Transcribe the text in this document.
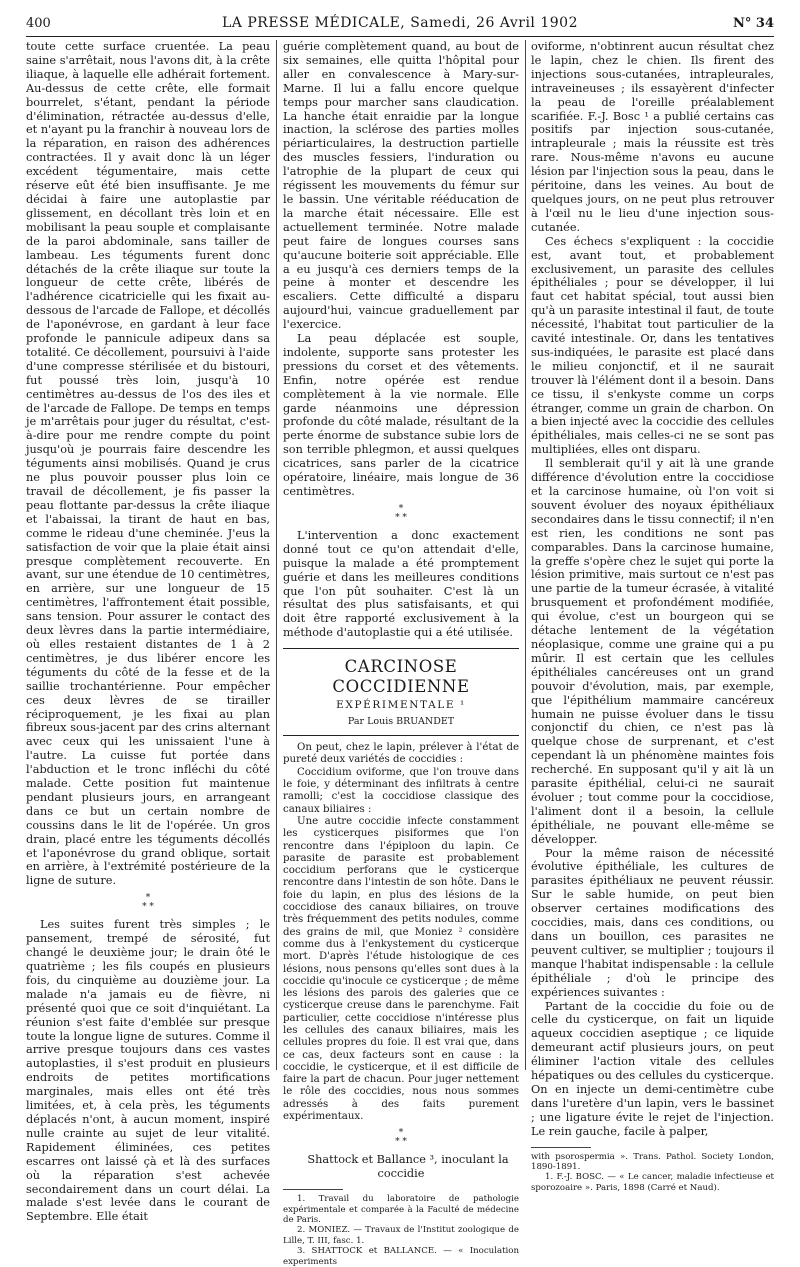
400	LA PRESSE MÉDICALE, Samedi, 26 Avril 1902	N° 34

toute cette surface cruentée. La peau saine s'arrêtait, nous l'avons dit, à la crête iliaque, à laquelle elle adhérait fortement. Au-dessus de cette crête, elle formait bourrelet, s'étant, pendant la période d'élimination, rétractée au-dessus d'elle, et n'ayant pu la franchir à nouveau lors de la réparation, en raison des adhérences contractées. Il y avait donc là un léger excédent tégumentaire, mais cette réserve eût été bien insuffisante. Je me décidai à faire une autoplastie par glissement, en décollant très loin et en mobilisant la peau souple et complaisante de la paroi abdominale, sans tailler de lambeau. Les téguments furent donc détachés de la crête iliaque sur toute la longueur de cette crête, libérés de l'adhérence cicatricielle qui les fixait au-dessous de l'arcade de Fallope, et décollés de l'aponévrose, en gardant à leur face profonde le pannicule adipeux dans sa totalité. Ce décollement, poursuivi à l'aide d'une compresse stérilisée et du bistouri, fut poussé très loin, jusqu'à 10 centimètres au-dessus de l'os des iles et de l'arcade de Fallope. De temps en temps je m'arrêtais pour juger du résultat, c'est-à-dire pour me rendre compte du point jusqu'où je pourrais faire descendre les téguments ainsi mobilisés. Quand je crus ne plus pouvoir pousser plus loin ce travail de décollement, je fis passer la peau flottante par-dessus la crête iliaque et l'abaissai, la tirant de haut en bas, comme le rideau d'une cheminée. J'eus la satisfaction de voir que la plaie était ainsi presque complètement recouverte. En avant, sur une étendue de 10 centimètres, en arrière, sur une longueur de 15 centimètres, l'affrontement était possible, sans tension. Pour assurer le contact des deux lèvres dans la partie intermédiaire, où elles restaient distantes de 1 à 2 centimètres, je dus libérer encore les téguments du côté de la fesse et de la saillie trochantérienne. Pour empêcher ces deux lèvres de se tirailler réciproquement, je les fixai au plan fibreux sous-jacent par des crins alternant avec ceux qui les unissaient l'une à l'autre. La cuisse fut portée dans l'abduction et le tronc infléchi du côté malade. Cette position fut maintenue pendant plusieurs jours, en arrangeant dans ce but un certain nombre de coussins dans le lit de l'opérée. Un gros drain, placé entre les téguments décollés et l'aponévrose du grand oblique, sortait en arrière, à l'extrémité postérieure de la ligne de suture.

*
* *

Les suites furent très simples ; le pansement, trempé de sérosité, fut changé le deuxième jour; le drain ôté le quatrième ; les fils coupés en plusieurs fois, du cinquième au douzième jour. La malade n'a jamais eu de fièvre, ni présenté quoi que ce soit d'inquiétant. La réunion s'est faite d'emblée sur presque toute la longue ligne de sutures. Comme il arrive presque toujours dans ces vastes autoplasties, il s'est produit en plusieurs endroits de petites mortifications marginales, mais elles ont été très limitées, et, à cela près, les téguments déplacés n'ont, à aucun moment, inspiré nulle crainte au sujet de leur vitalité. Rapidement éliminées, ces petites escarres ont laissé çà et là des surfaces où la réparation s'est achevée secondairement dans un court délai. La malade s'est levée dans le courant de Septembre. Elle était

guérie complètement quand, au bout de six semaines, elle quitta l'hôpital pour aller en convalescence à Mary-sur-Marne. Il lui a fallu encore quelque temps pour marcher sans claudication. La hanche était enraidie par la longue inaction, la sclérose des parties molles périarticulaires, la destruction partielle des muscles fessiers, l'induration ou l'atrophie de la plupart de ceux qui régissent les mouvements du fémur sur le bassin. Une véritable rééducation de la marche était nécessaire. Elle est actuellement terminée. Notre malade peut faire de longues courses sans qu'aucune boiterie soit appréciable. Elle a eu jusqu'à ces derniers temps de la peine à monter et descendre les escaliers. Cette difficulté a disparu aujourd'hui, vaincue graduellement par l'exercice.

La peau déplacée est souple, indolente, supporte sans protester les pressions du corset et des vêtements. Enfin, notre opérée est rendue complètement à la vie normale. Elle garde néanmoins une dépression profonde du côté malade, résultant de la perte énorme de substance subie lors de son terrible phlegmon, et aussi quelques cicatrices, sans parler de la cicatrice opératoire, linéaire, mais longue de 36 centimètres.

*
* *

L'intervention a donc exactement donné tout ce qu'on attendait d'elle, puisque la malade a été promptement guérie et dans les meilleures conditions que l'on pût souhaiter. C'est là un résultat des plus satisfaisants, et qui doit être rapporté exclusivement à la méthode d'autoplastie qui a été utilisée.

CARCINOSE COCCIDIENNE
EXPÉRIMENTALE ¹
Par Louis BRUANDET

On peut, chez le lapin, prélever à l'état de pureté deux variétés de coccidies :

Coccidium oviforme, que l'on trouve dans le foie, y déterminant des infiltrats à centre ramolli; c'est la coccidiose classique des canaux biliaires :

Une autre coccidie infecte constamment les cysticerques pisiformes que l'on rencontre dans l'épiploon du lapin. Ce parasite de parasite est probablement coccidium perforans que le cysticerque rencontre dans l'intestin de son hôte. Dans le foie du lapin, en plus des lésions de la coccidiose des canaux biliaires, on trouve très fréquemment des petits nodules, comme des grains de mil, que Moniez ² considère comme dus à l'enkystement du cysticerque mort. D'après l'étude histologique de ces lésions, nous pensons qu'elles sont dues à la coccidie qu'inocule ce cysticerque ; de même les lésions des parois des galeries que ce cysticerque creuse dans le parenchyme. Fait particulier, cette coccidiose n'intéresse plus les cellules des canaux biliaires, mais les cellules propres du foie. Il est vrai que, dans ce cas, deux facteurs sont en cause : la coccidie, le cysticerque, et il est difficile de faire la part de chacun. Pour juger nettement le rôle des coccidies, nous nous sommes adressés à des faits purement expérimentaux.

*
* *

Shattock et Ballance ³, inoculant la coccidie

1. Travail du laboratoire de pathologie expérimentale et comparée à la Faculté de médecine de Paris.

2. MONIEZ. — Travaux de l'Institut zoologique de Lille, T. III, fasc. 1.

3. SHATTOCK et BALLANCE. — « Inoculation experiments

oviforme, n'obtinrent aucun résultat chez le lapin, chez le chien. Ils firent des injections sous-cutanées, intrapleurales, intraveineuses ; ils essayèrent d'infecter la peau de l'oreille préalablement scarifiée. F.-J. Bosc ¹ a publié certains cas positifs par injection sous-cutanée, intrapleurale ; mais la réussite est très rare. Nous-même n'avons eu aucune lésion par l'injection sous la peau, dans le péritoine, dans les veines. Au bout de quelques jours, on ne peut plus retrouver à l'œil nu le lieu d'une injection sous-cutanée.

Ces échecs s'expliquent : la coccidie est, avant tout, et probablement exclusivement, un parasite des cellules épithéliales ; pour se développer, il lui faut cet habitat spécial, tout aussi bien qu'à un parasite intestinal il faut, de toute nécessité, l'habitat tout particulier de la cavité intestinale. Or, dans les tentatives sus-indiquées, le parasite est placé dans le milieu conjonctif, et il ne saurait trouver là l'élément dont il a besoin. Dans ce tissu, il s'enkyste comme un corps étranger, comme un grain de charbon. On a bien injecté avec la coccidie des cellules épithéliales, mais celles-ci ne se sont pas multipliées, elles ont disparu.

Il semblerait qu'il y ait là une grande différence d'évolution entre la coccidiose et la carcinose humaine, où l'on voit si souvent évoluer des noyaux épithéliaux secondaires dans le tissu connectif; il n'en est rien, les conditions ne sont pas comparables. Dans la carcinose humaine, la greffe s'opère chez le sujet qui porte la lésion primitive, mais surtout ce n'est pas une partie de la tumeur écrasée, à vitalité brusquement et profondément modifiée, qui évolue, c'est un bourgeon qui se détache lentement de la végétation néoplasique, comme une graine qui a pu mûrir. Il est certain que les cellules épithéliales cancéreuses ont un grand pouvoir d'évolution, mais, par exemple, que l'épithélium mammaire cancéreux humain ne puisse évoluer dans le tissu conjonctif du chien, ce n'est pas là quelque chose de surprenant, et c'est cependant là un phénomène maintes fois recherché. En supposant qu'il y ait là un parasite épithélial, celui-ci ne saurait évoluer ; tout comme pour la coccidiose, l'aliment dont il a besoin, la cellule épithéliale, ne pouvant elle-même se développer.

Pour la même raison de nécessité évolutive épithéliale, les cultures de parasites épithéliaux ne peuvent réussir. Sur le sable humide, on peut bien observer certaines modifications des coccidies, mais, dans ces conditions, ou dans un bouillon, ces parasites ne peuvent cultiver, se multiplier ; toujours il manque l'habitat indispensable : la cellule épithéliale ; d'où le principe des expériences suivantes :

Partant de la coccidie du foie ou de celle du cysticerque, on fait un liquide aqueux coccidien aseptique ; ce liquide demeurant actif plusieurs jours, on peut éliminer l'action vitale des cellules hépatiques ou des cellules du cysticerque. On en injecte un demi-centimètre cube dans l'uretère d'un lapin, vers le bassinet ; une ligature évite le rejet de l'injection. Le rein gauche, facile à palper,

with psorospermia ». Trans. Pathol. Society London, 1890-1891.

1. F.-J. BOSC. — « Le cancer, maladie infectieuse et sporozoaire ». Paris, 1898 (Carré et Naud).
